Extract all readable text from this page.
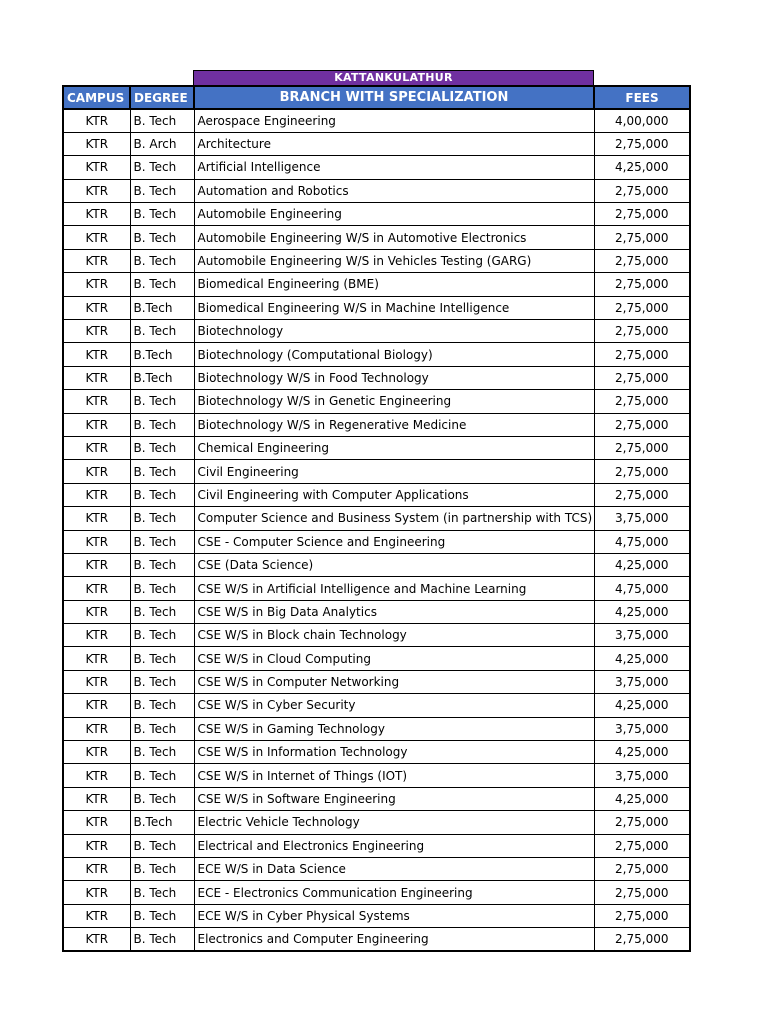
KATTANKULATHUR
CAMPUS	DEGREE	BRANCH WITH SPECIALIZATION	FEES
KTR	B. Tech	Aerospace Engineering	4,00,000
KTR	B. Arch	Architecture	2,75,000
KTR	B. Tech	Artificial Intelligence	4,25,000
KTR	B. Tech	Automation and Robotics	2,75,000
KTR	B. Tech	Automobile Engineering	2,75,000
KTR	B. Tech	Automobile Engineering W/S in Automotive Electronics	2,75,000
KTR	B. Tech	Automobile Engineering W/S in Vehicles Testing (GARG)	2,75,000
KTR	B. Tech	Biomedical Engineering (BME)	2,75,000
KTR	B.Tech	Biomedical Engineering W/S in Machine Intelligence	2,75,000
KTR	B. Tech	Biotechnology	2,75,000
KTR	B.Tech	Biotechnology (Computational Biology)	2,75,000
KTR	B.Tech	Biotechnology W/S in Food Technology	2,75,000
KTR	B. Tech	Biotechnology W/S in Genetic Engineering	2,75,000
KTR	B. Tech	Biotechnology W/S in Regenerative Medicine	2,75,000
KTR	B. Tech	Chemical Engineering	2,75,000
KTR	B. Tech	Civil Engineering	2,75,000
KTR	B. Tech	Civil Engineering with Computer Applications	2,75,000
KTR	B. Tech	Computer Science and Business System (in partnership with TCS)	3,75,000
KTR	B. Tech	CSE - Computer Science and Engineering	4,75,000
KTR	B. Tech	CSE (Data Science)	4,25,000
KTR	B. Tech	CSE W/S in Artificial Intelligence and Machine Learning	4,75,000
KTR	B. Tech	CSE W/S in Big Data Analytics	4,25,000
KTR	B. Tech	CSE W/S in Block chain Technology	3,75,000
KTR	B. Tech	CSE W/S in Cloud Computing	4,25,000
KTR	B. Tech	CSE W/S in Computer Networking	3,75,000
KTR	B. Tech	CSE W/S in Cyber Security	4,25,000
KTR	B. Tech	CSE W/S in Gaming Technology	3,75,000
KTR	B. Tech	CSE W/S in Information Technology	4,25,000
KTR	B. Tech	CSE W/S in Internet of Things (IOT)	3,75,000
KTR	B. Tech	CSE W/S in Software Engineering	4,25,000
KTR	B.Tech	Electric Vehicle Technology	2,75,000
KTR	B. Tech	Electrical and Electronics Engineering	2,75,000
KTR	B. Tech	ECE W/S in Data Science	2,75,000
KTR	B. Tech	ECE - Electronics Communication Engineering	2,75,000
KTR	B. Tech	ECE W/S in Cyber Physical Systems	2,75,000
KTR	B. Tech	Electronics and Computer Engineering	2,75,000
